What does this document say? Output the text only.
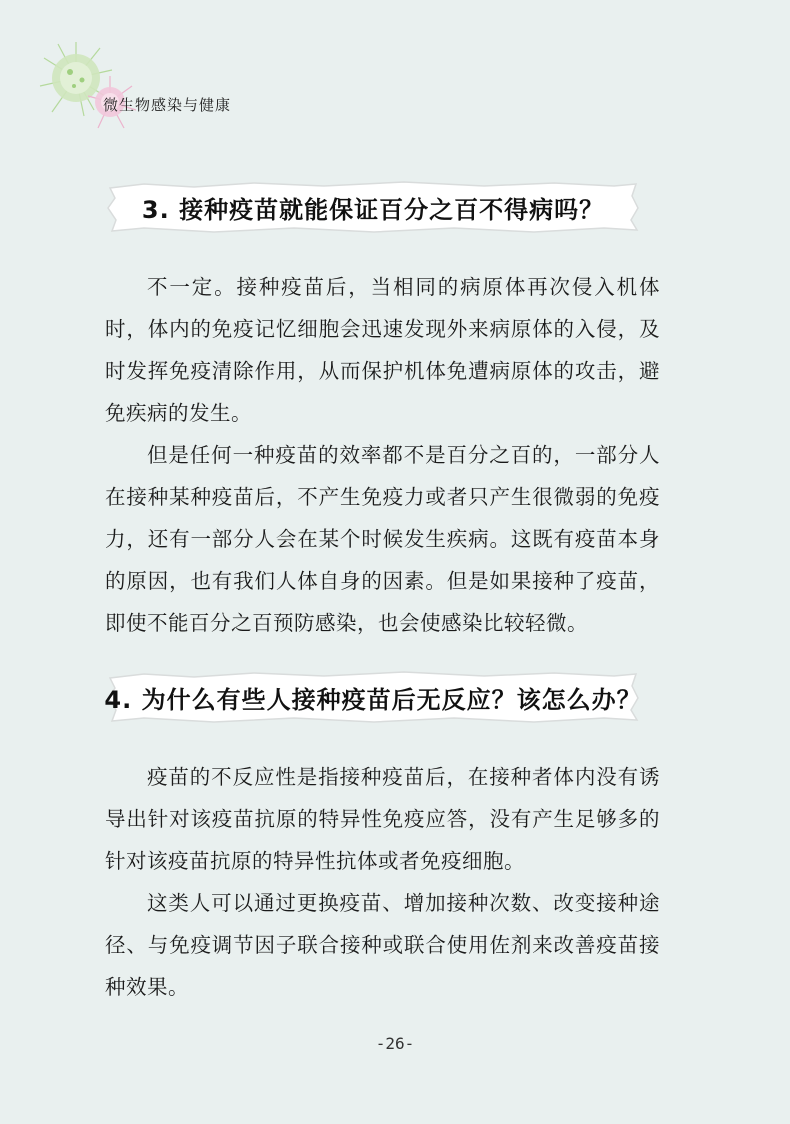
微生物感染与健康
3. 接种疫苗就能保证百分之百不得病吗？

不一定。接种疫苗后，当相同的病原体再次侵入机体时，体内的免疫记忆细胞会迅速发现外来病原体的入侵，及时发挥免疫清除作用，从而保护机体免遭病原体的攻击，避免疾病的发生。

但是任何一种疫苗的效率都不是百分之百的，一部分人在接种某种疫苗后，不产生免疫力或者只产生很微弱的免疫力，还有一部分人会在某个时候发生疾病。这既有疫苗本身的原因，也有我们人体自身的因素。但是如果接种了疫苗，即使不能百分之百预防感染，也会使感染比较轻微。

4. 为什么有些人接种疫苗后无反应？该怎么办？

疫苗的不反应性是指接种疫苗后，在接种者体内没有诱导出针对该疫苗抗原的特异性免疫应答，没有产生足够多的针对该疫苗抗原的特异性抗体或者免疫细胞。

这类人可以通过更换疫苗、增加接种次数、改变接种途径、与免疫调节因子联合接种或联合使用佐剂来改善疫苗接种效果。

-26-
